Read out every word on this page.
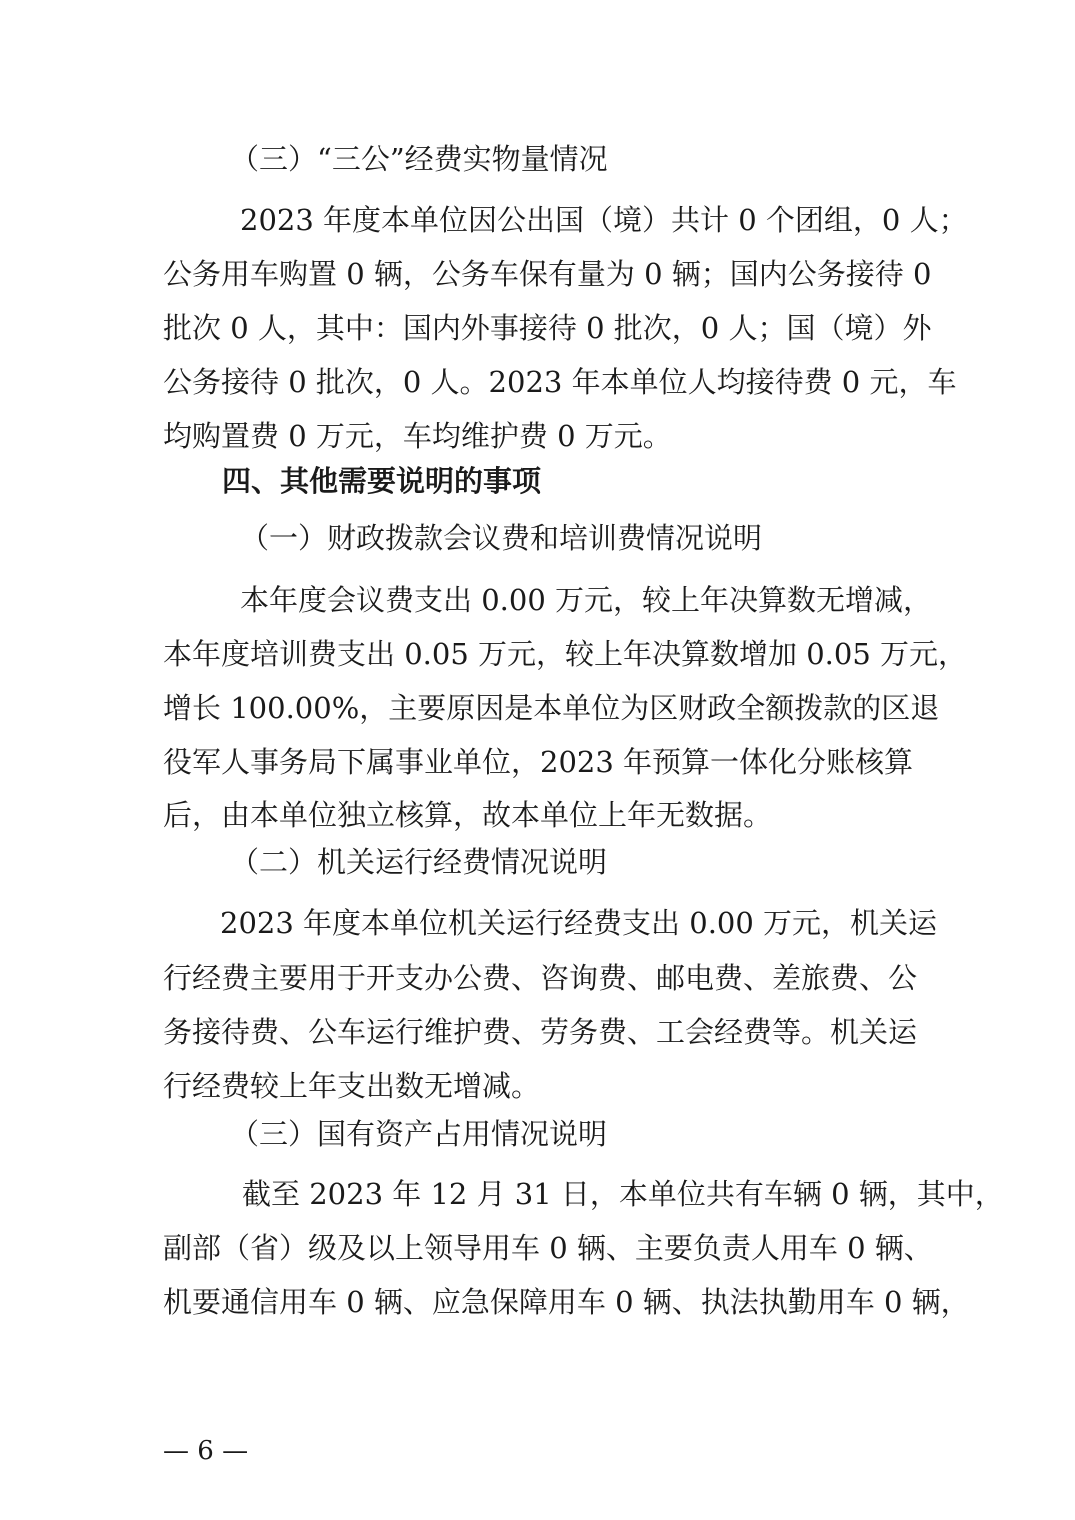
（三）“三公”经费实物量情况
2023 年度本单位因公出国（境）共计 0 个团组，0 人；
公务用车购置 0 辆，公务车保有量为 0 辆；国内公务接待 0
批次 0 人，其中：国内外事接待 0 批次，0 人；国（境）外
公务接待 0 批次，0 人。2023 年本单位人均接待费 0 元，车
均购置费 0 万元，车均维护费 0 万元。
四、其他需要说明的事项
（一）财政拨款会议费和培训费情况说明
本年度会议费支出 0.00 万元，较上年决算数无增减，
本年度培训费支出 0.05 万元，较上年决算数增加 0.05 万元，
增长 100.00%，主要原因是本单位为区财政全额拨款的区退
役军人事务局下属事业单位，2023 年预算一体化分账核算
后，由本单位独立核算，故本单位上年无数据。
（二）机关运行经费情况说明
2023 年度本单位机关运行经费支出 0.00 万元，机关运
行经费主要用于开支办公费、咨询费、邮电费、差旅费、公
务接待费、公车运行维护费、劳务费、工会经费等。机关运
行经费较上年支出数无增减。
（三）国有资产占用情况说明
截至 2023 年 12 月 31 日，本单位共有车辆 0 辆，其中，
副部（省）级及以上领导用车 0 辆、主要负责人用车 0 辆、
机要通信用车 0 辆、应急保障用车 0 辆、执法执勤用车 0 辆，
— 6 —
